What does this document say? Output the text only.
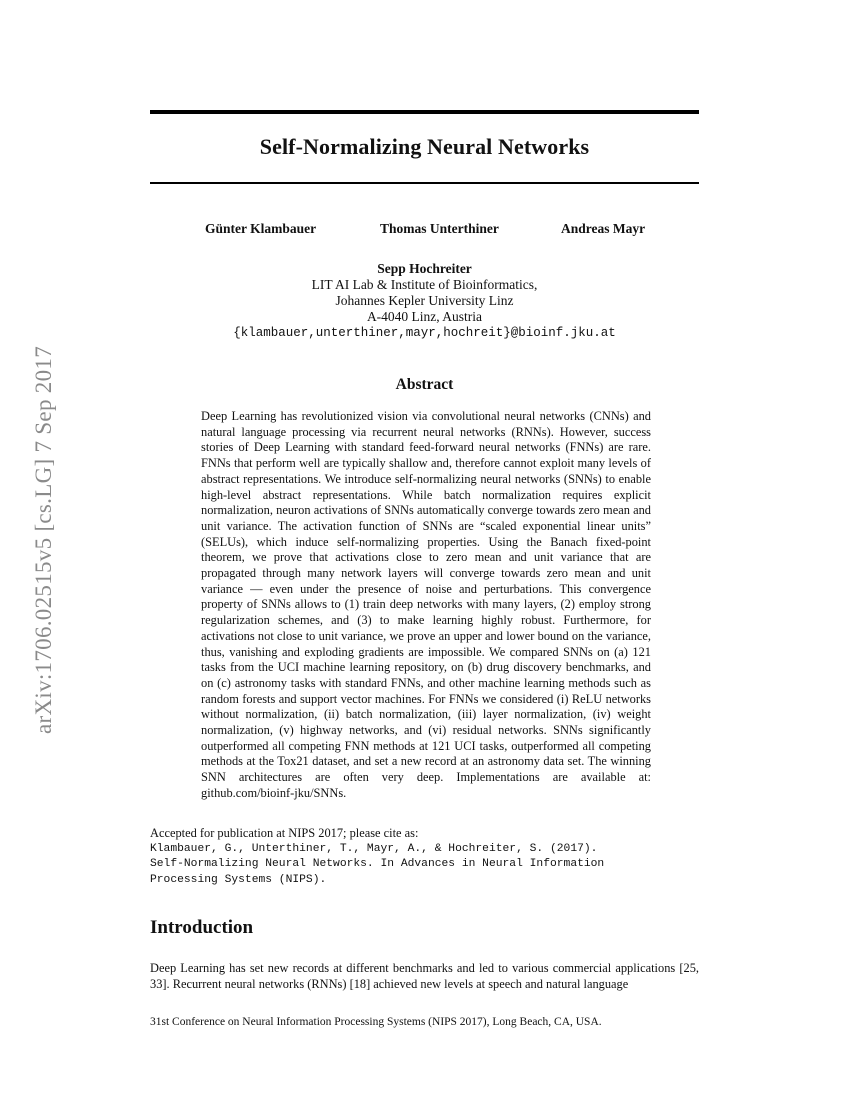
arXiv:1706.02515v5 [cs.LG] 7 Sep 2017
Self-Normalizing Neural Networks
Günter Klambauer	Thomas Unterthiner	Andreas Mayr
Sepp Hochreiter
LIT AI Lab & Institute of Bioinformatics,
Johannes Kepler University Linz
A-4040 Linz, Austria
{klambauer,unterthiner,mayr,hochreit}@bioinf.jku.at
Abstract
Deep Learning has revolutionized vision via convolutional neural networks (CNNs) and natural language processing via recurrent neural networks (RNNs). However, success stories of Deep Learning with standard feed-forward neural networks (FNNs) are rare. FNNs that perform well are typically shallow and, therefore cannot exploit many levels of abstract representations. We introduce self-normalizing neural networks (SNNs) to enable high-level abstract representations. While batch normalization requires explicit normalization, neuron activations of SNNs automatically converge towards zero mean and unit variance. The activation function of SNNs are “scaled exponential linear units” (SELUs), which induce self-normalizing properties. Using the Banach fixed-point theorem, we prove that activations close to zero mean and unit variance that are propagated through many network layers will converge towards zero mean and unit variance — even under the presence of noise and perturbations. This convergence property of SNNs allows to (1) train deep networks with many layers, (2) employ strong regularization schemes, and (3) to make learning highly robust. Furthermore, for activations not close to unit variance, we prove an upper and lower bound on the variance, thus, vanishing and exploding gradients are impossible. We compared SNNs on (a) 121 tasks from the UCI machine learning repository, on (b) drug discovery benchmarks, and on (c) astronomy tasks with standard FNNs, and other machine learning methods such as random forests and support vector machines. For FNNs we considered (i) ReLU networks without normalization, (ii) batch normalization, (iii) layer normalization, (iv) weight normalization, (v) highway networks, and (vi) residual networks. SNNs significantly outperformed all competing FNN methods at 121 UCI tasks, outperformed all competing methods at the Tox21 dataset, and set a new record at an astronomy data set. The winning SNN architectures are often very deep. Implementations are available at: github.com/bioinf-jku/SNNs.
Accepted for publication at NIPS 2017; please cite as:
Klambauer, G., Unterthiner, T., Mayr, A., & Hochreiter, S. (2017).
Self-Normalizing Neural Networks. In Advances in Neural Information
Processing Systems (NIPS).
Introduction
Deep Learning has set new records at different benchmarks and led to various commercial applications [25, 33]. Recurrent neural networks (RNNs) [18] achieved new levels at speech and natural language
31st Conference on Neural Information Processing Systems (NIPS 2017), Long Beach, CA, USA.
